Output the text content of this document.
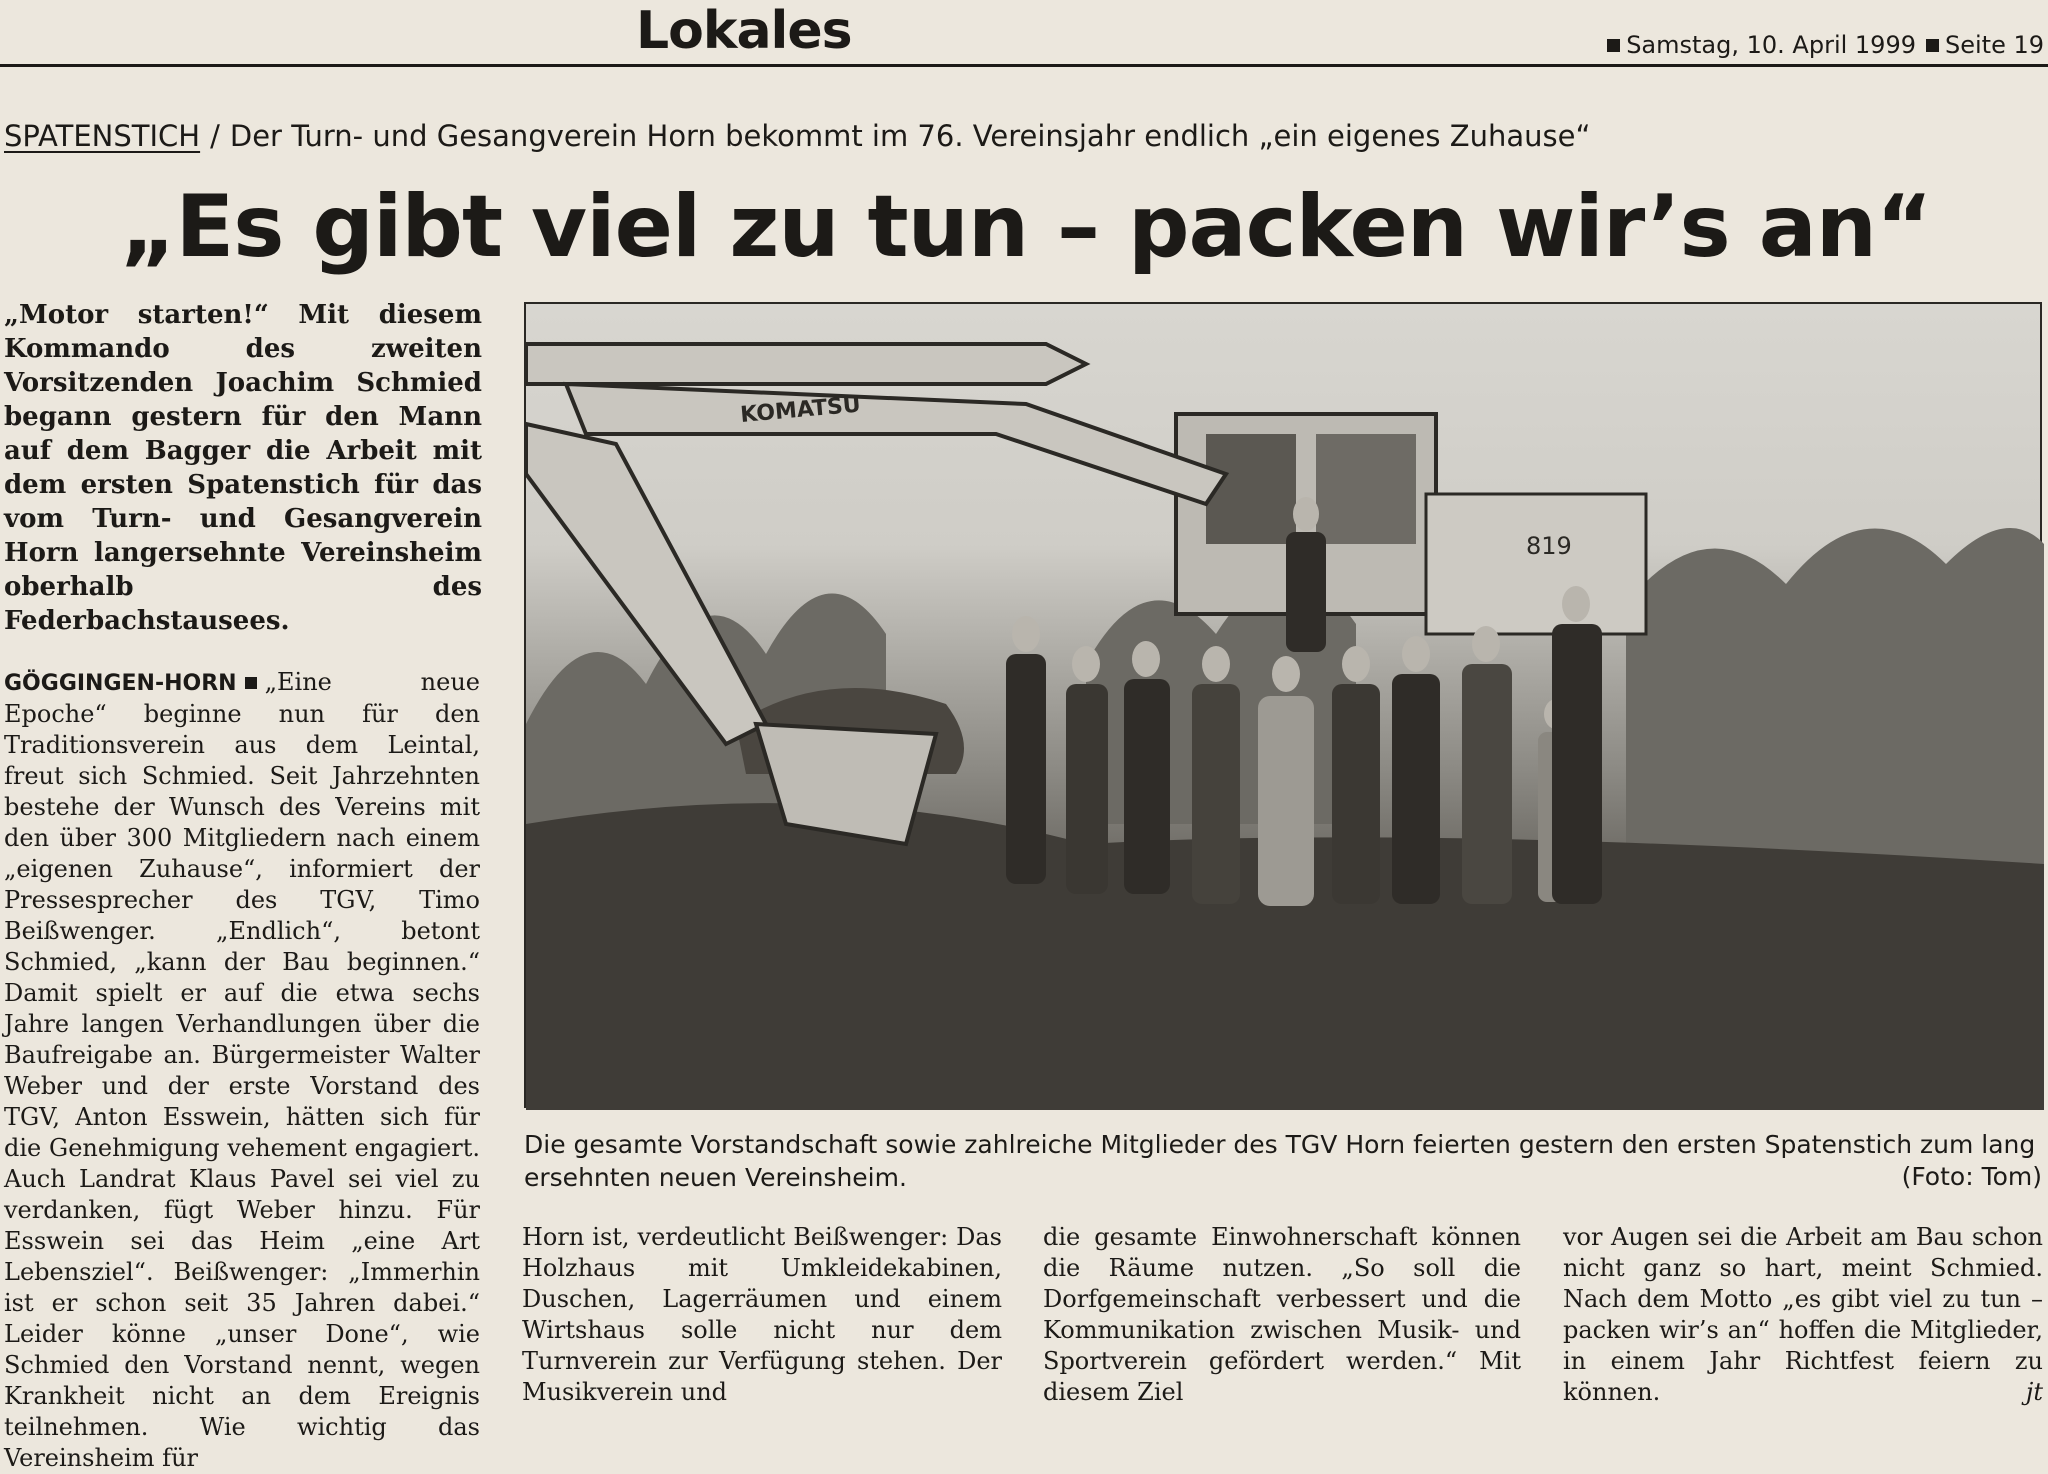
Lokales	Samstag, 10. April 1999 Seite 19
SPATENSTICH / Der Turn- und Gesangverein Horn bekommt im 76. Vereinsjahr endlich „ein eigenes Zuhause“
„Es gibt viel zu tun – packen wir’s an“
„Motor starten!“ Mit diesem Kommando des zweiten Vorsitzenden Joachim Schmied begann gestern für den Mann auf dem Bagger die Arbeit mit dem ersten Spatenstich für das vom Turn- und Gesangverein Horn langersehnte Vereinsheim oberhalb des Federbachstausees.
GÖGGINGEN-HORN „Eine neue Epoche“ beginne nun für den Traditionsverein aus dem Leintal, freut sich Schmied. Seit Jahrzehnten bestehe der Wunsch des Vereins mit den über 300 Mitgliedern nach einem „eigenen Zuhause“, informiert der Pressesprecher des TGV, Timo Beißwenger. „Endlich“, betont Schmied, „kann der Bau beginnen.“ Damit spielt er auf die etwa sechs Jahre langen Verhandlungen über die Baufreigabe an. Bürgermeister Walter Weber und der erste Vorstand des TGV, Anton Esswein, hätten sich für die Genehmigung vehement engagiert. Auch Landrat Klaus Pavel sei viel zu verdanken, fügt Weber hinzu. Für Esswein sei das Heim „eine Art Lebensziel“. Beißwenger: „Immerhin ist er schon seit 35 Jahren dabei.“ Leider könne „unser Done“, wie Schmied den Vorstand nennt, wegen Krankheit nicht an dem Ereignis teilnehmen. Wie wichtig das Vereinsheim für
819
KOMATSU
Die gesamte Vorstandschaft sowie zahlreiche Mitglieder des TGV Horn feierten gestern den ersten Spatenstich zum lang ersehnten neuen Vereinsheim.	(Foto: Tom)
Horn ist, verdeutlicht Beißwenger: Das Holzhaus mit Umkleidekabinen, Duschen, Lagerräumen und einem Wirtshaus solle nicht nur dem Turnverein zur Verfügung stehen. Der Musikverein und
die gesamte Einwohnerschaft können die Räume nutzen. „So soll die Dorfgemeinschaft verbessert und die Kommunikation zwischen Musik- und Sportverein gefördert werden.“ Mit diesem Ziel
vor Augen sei die Arbeit am Bau schon nicht ganz so hart, meint Schmied. Nach dem Motto „es gibt viel zu tun – packen wir’s an“ hoffen die Mitglieder, in einem Jahr Richtfest feiern zu können.	jt
